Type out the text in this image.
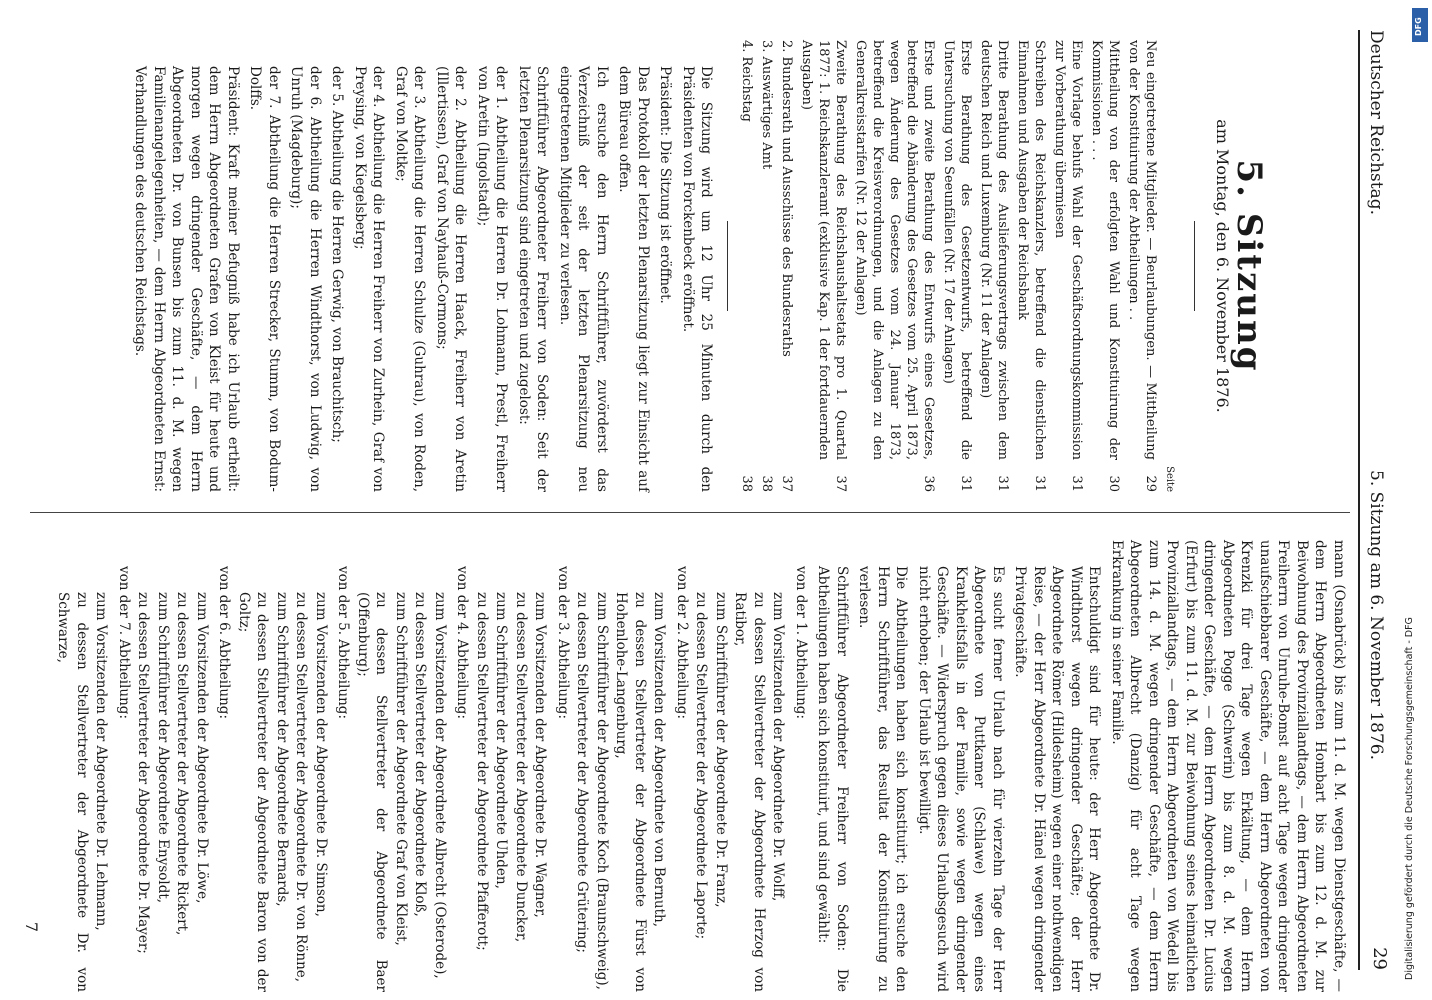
Deutscher Reichstag.
5. Sitzung am 6. November 1876.
29
5. Sitzung
am Montag, den 6. November 1876.
Seite
Neu eingetretene Mitglieder. — Beurlaubungen. — Mittheilung von der Konstituirung der Abtheilungen . .
29
Mittheilung von der erfolgten Wahl und Konstituirung der Kommissionen . . .
30
Eine Vorlage behufs Wahl der Geschäftsordnungskommission zur Vorberathung übermiesen
31
Schreiben des Reichskanzlers, betreffend die dienstlichen Einnahmen und Ausgaben der Reichsbank
31
Dritte Berathung des Auslieferungsvertrags zwischen dem deutschen Reich und Luxemburg (Nr. 11 der Anlagen)
31
Erste Berathung des Gesetzentwurfs, betreffend die Untersuchung von Seeunfällen (Nr. 17 der Anlagen)
31
Erste und zweite Berathung des Entwurfs eines Gesetzes, betreffend die Abänderung des Gesetzes vom 25. April 1873, wegen Änderung des Gesetzes vom 24. Januar 1873, betreffend die Kreisverordnungen, und die Anlagen zu den Generalkreisstarifen (Nr. 12 der Anlagen)
36
Zweite Berathung des Reichshaushaltsetats pro 1. Quartal 1877: 1. Reichskanzleramt (exklusive Kap. 1 der fortdauernden Ausgaben)
37
2. Bundesrath und Ausschüsse des Bundesraths
37
3. Auswärtiges Amt
38
4. Reichstag
38

Die Sitzung wird um 12 Uhr 25 Minuten durch den Präsidenten von Forckenbeck eröffnet.

Präsident: Die Sitzung ist eröffnet.

Das Protokoll der letzten Plenarsitzung liegt zur Einsicht auf dem Büreau offen.

Ich ersuche den Herrn Schriftführer, zuvörderst das Verzeichniß der seit der letzten Plenarsitzung neu eingetretenen Mitglieder zu verlesen.

Schriftführer Abgeordneter Freiherr von Soden: Seit der letzten Plenarsitzung sind eingetreten und zugelost:

der 1. Abtheilung die Herren Dr. Lohmann, Prestl, Freiherr von Aretin (Ingolstadt);

der 2. Abtheilung die Herren Haack, Freiherr von Aretin (Illertissen), Graf von Nayhauß-Cormons;

der 3. Abtheilung die Herren Schulze (Guhrau), von Roden, Graf von Moltke;

der 4. Abtheilung die Herren Freiherr von Zurhein, Graf von Preysing, von Kiegelsberg;

der 5. Abtheilung die Herren Gerwig, von Brauchitsch;

der 6. Abtheilung die Herren Windthorst, von Ludwig, von Unruh (Magdeburg);

der 7. Abtheilung die Herren Strecker, Stumm, von Bodum-Dolffs.

Präsident: Kraft meiner Befugniß habe ich Urlaub ertheilt: dem Herrn Abgeordneten Grafen von Kleist für heute und morgen wegen dringender Geschäfte, — dem Herrn Abgeordneten Dr. von Bunsen bis zum 11. d. M. wegen Familienangelegenheiten, — dem Herrn Abgeordneten Ernst: Verhandlungen des deutschen Reichstags.

mann (Osnabrück) bis zum 11. d. M. wegen Dienstgeschäfte, — dem Herrn Abgeordneten Hombart bis zum 12. d. M. zur Beiwohnung des Provinziallandtags, — dem Herrn Abgeordneten Freiherrn von Unruhe-Bomst auf acht Tage wegen dringender unaufschiebbarer Geschäfte, — dem Herrn Abgeordneten von Krenzki für drei Tage wegen Erkältung, — dem Herrn Abgeordneten Pogge (Schwerin) bis zum 8. d. M. wegen dringender Geschäfte, — dem Herrn Abgeordneten Dr. Lucius (Erfurt) bis zum 11. d. M. zur Beiwohnung seines heimatlichen Provinziallandtags, — dem Herrn Abgeordneten von Wedell bis zum 14. d. M. wegen dringender Geschäfte, — dem Herrn Abgeordneten Albrecht (Danzig) für acht Tage wegen Erkrankung in seiner Familie.

Entschuldigt sind für heute: der Herr Abgeordnete Dr. Windthorst wegen dringender Geschäfte; der Herr Abgeordnete Römer (Hildesheim) wegen einer nothwendigen Reise, — der Herr Abgeordnete Dr. Hänel wegen dringender Privatgeschäfte.

Es sucht ferner Urlaub nach für vierzehn Tage der Herr Abgeordnete von Puttkamer (Schlawe) wegen eines Krankheitsfalls in der Familie, sowie wegen dringender Geschäfte. — Widerspruch gegen dieses Urlaubsgesuch wird nicht erhoben; der Urlaub ist bewilligt.

Die Abtheilungen haben sich konstituirt; ich ersuche den Herrn Schriftführer, das Resultat der Konstituirung zu verlesen.

Schriftführer Abgeordneter Freiherr von Soden: Die Abtheilungen haben sich konstituirt, und sind gewählt:

von der 1. Abtheilung:

zum Vorsitzenden der Abgeordnete Dr. Wolff,

zu dessen Stellvertreter der Abgeordnete Herzog von Ratibor,

zum Schriftführer der Abgeordnete Dr. Franz,

zu dessen Stellvertreter der Abgeordnete Laporte;

von der 2. Abtheilung:

zum Vorsitzenden der Abgeordnete von Bernuth,

zu dessen Stellvertreter der Abgeordnete Fürst von Hohenlohe-Langenburg,

zum Schriftführer der Abgeordnete Koch (Braunschweig),

zu dessen Stellvertreter der Abgeordnete Grütering;

von der 3. Abtheilung:

zum Vorsitzenden der Abgeordnete Dr. Wagner,

zu dessen Stellvertreter der Abgeordnete Duncker,

zum Schriftführer der Abgeordnete Uhden,

zu dessen Stellvertreter der Abgeordnete Pfafferott;

von der 4. Abtheilung:

zum Vorsitzenden der Abgeordnete Albrecht (Osterode),

zu dessen Stellvertreter der Abgeordnete Kloß,

zum Schriftführer der Abgeordnete Graf von Kleist,

zu dessen Stellvertreter der Abgeordnete Baer (Offenburg);

von der 5. Abtheilung:

zum Vorsitzenden der Abgeordnete Dr. Simson,

zu dessen Stellvertreter der Abgeordnete Dr. von Rönne,

zum Schriftführer der Abgeordnete Bernards,

zu dessen Stellvertreter der Abgeordnete Baron von der Goltz;

von der 6. Abtheilung:

zum Vorsitzenden der Abgeordnete Dr. Löwe,

zu dessen Stellvertreter der Abgeordnete Rickert,

zum Schriftführer der Abgeordnete Enysoldt,

zu dessen Stellvertreter der Abgeordnete Dr. Mayer;

von der 7. Abtheilung:

zum Vorsitzenden der Abgeordnete Dr. Lehmann,

zu dessen Stellvertreter der Abgeordnete Dr. von Schwarze,

7	Digitalisierung gefördert durch die Deutsche Forschungsgemeinschaft - DFG
DFG
